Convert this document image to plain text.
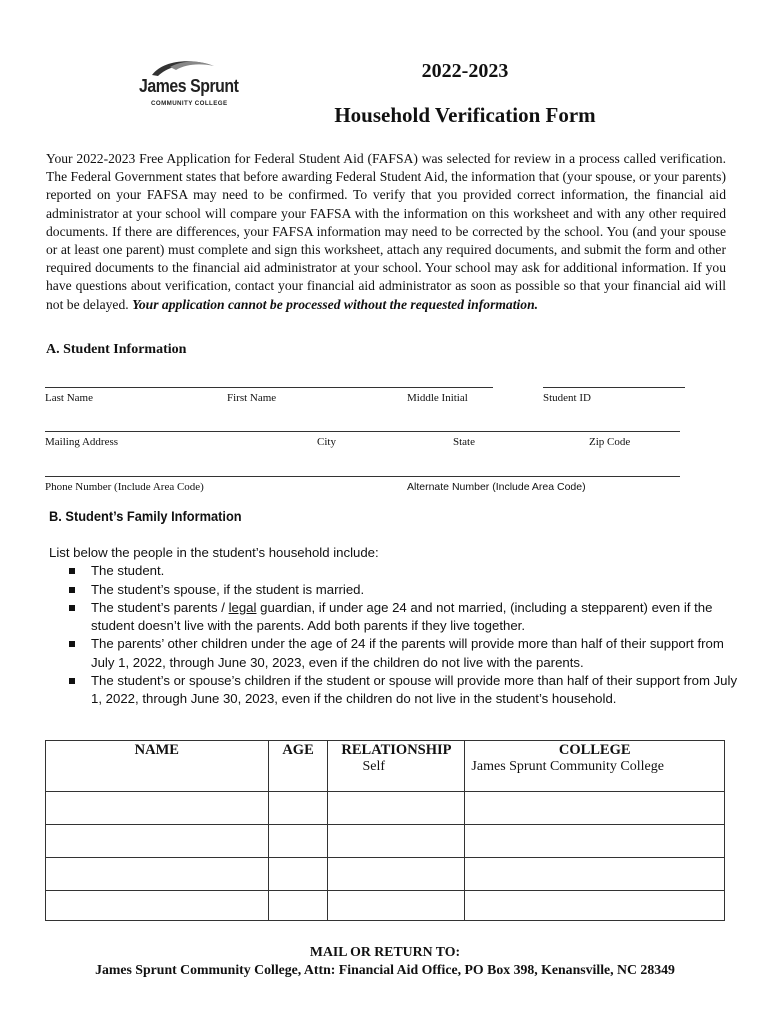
James Sprunt
COMMUNITY COLLEGE
2022-2023
Household Verification Form
Your 2022-2023 Free Application for Federal Student Aid (FAFSA) was selected for review in a process called verification. The Federal Government states that before awarding Federal Student Aid, the information that (your spouse, or your parents) reported on your FAFSA may need to be confirmed. To verify that you provided correct information, the financial aid administrator at your school will compare your FAFSA with the information on this worksheet and with any other required documents. If there are differences, your FAFSA information may need to be corrected by the school. You (and your spouse or at least one parent) must complete and sign this worksheet, attach any required documents, and submit the form and other required documents to the financial aid administrator at your school. Your school may ask for additional information. If you have questions about verification, contact your financial aid administrator as soon as possible so that your financial aid will not be delayed. Your application cannot be processed without the requested information.
A. Student Information
Last Name	First Name	Middle Initial	Student ID
Mailing Address	City	State	Zip Code
Phone Number (Include Area Code)	Alternate Number (Include Area Code)
B. Student’s Family Information
List below the people in the student’s household include:
The student.
The student’s spouse, if the student is married.
The student’s parents / legal guardian, if under age 24 and not married, (including a stepparent) even if the student doesn’t live with the parents. Add both parents if they live together.
The parents’ other children under the age of 24 if the parents will provide more than half of their support from July 1, 2022, through June 30, 2023, even if the children do not live with the parents.
The student’s or spouse’s children if the student or spouse will provide more than half of their support from July 1, 2022, through June 30, 2023, even if the children do not live in the student’s household.
NAME	AGE	RELATIONSHIP	COLLEGE
		Self	James Sprunt Community College

MAIL OR RETURN TO:
James Sprunt Community College, Attn: Financial Aid Office, PO Box 398, Kenansville, NC 28349
